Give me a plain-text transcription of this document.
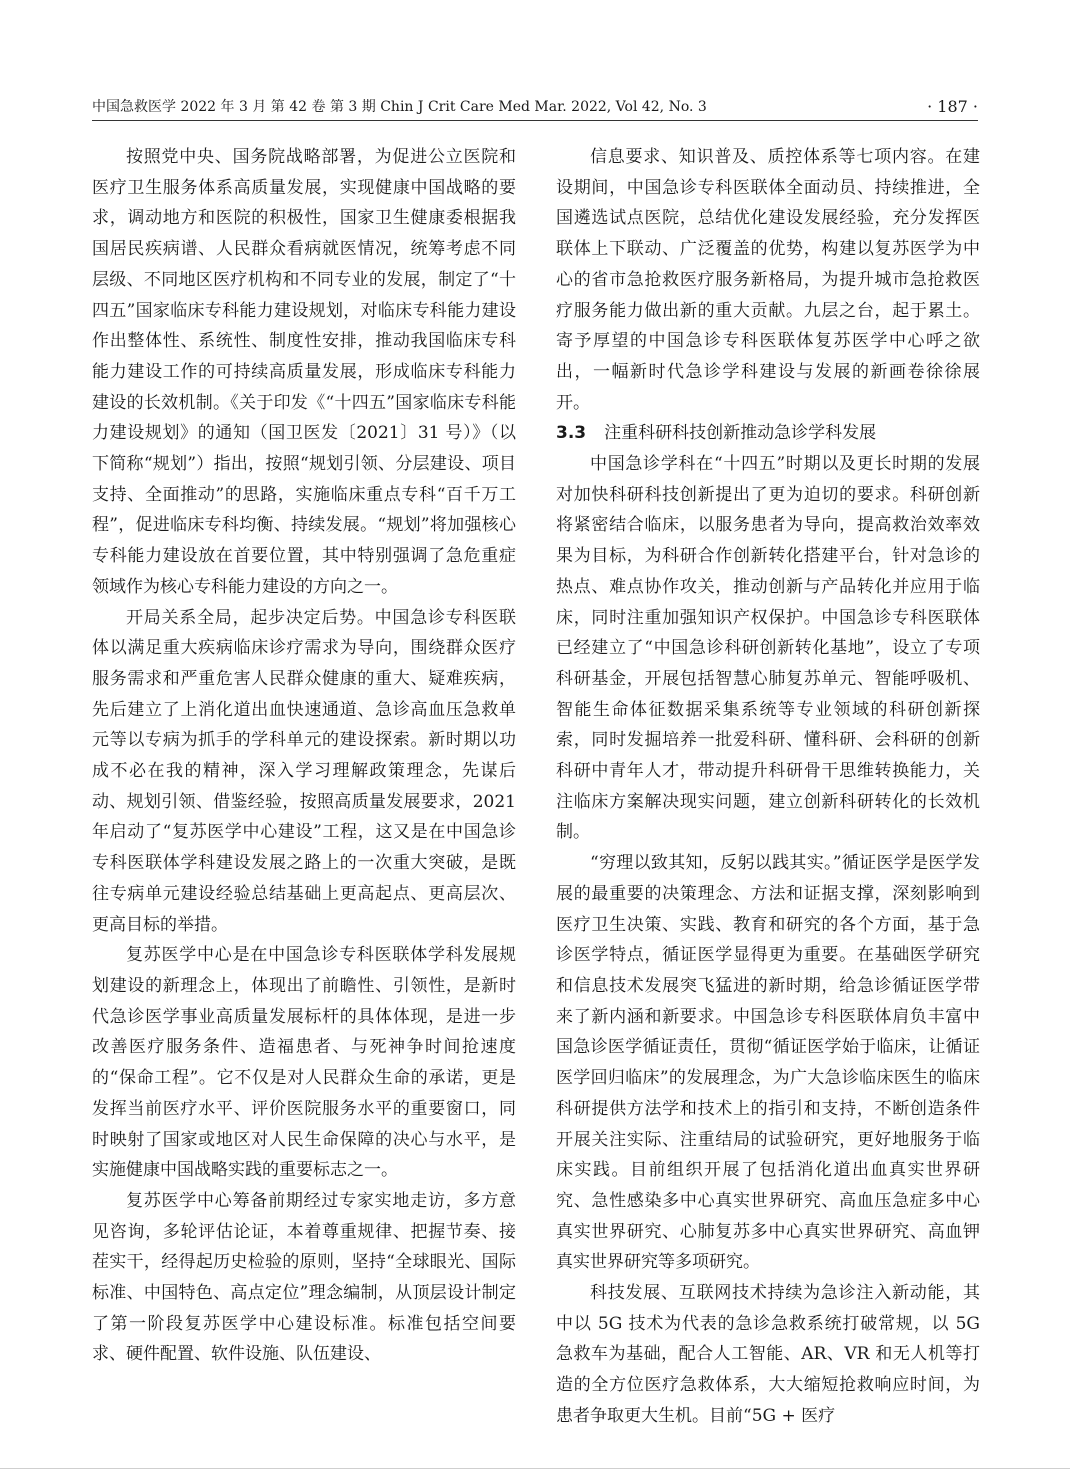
中国急救医学 2022 年 3 月 第 42 卷 第 3 期 Chin J Crit Care Med Mar. 2022, Vol 42, No. 3	· 187 ·

按照党中央、国务院战略部署，为促进公立医院和医疗卫生服务体系高质量发展，实现健康中国战略的要求，调动地方和医院的积极性，国家卫生健康委根据我国居民疾病谱、人民群众看病就医情况，统筹考虑不同层级、不同地区医疗机构和不同专业的发展，制定了“十四五”国家临床专科能力建设规划，对临床专科能力建设作出整体性、系统性、制度性安排，推动我国临床专科能力建设工作的可持续高质量发展，形成临床专科能力建设的长效机制。《关于印发《“十四五”国家临床专科能力建设规划》的通知（国卫医发〔2021〕31 号）》（以下简称“规划”）指出，按照“规划引领、分层建设、项目支持、全面推动”的思路，实施临床重点专科“百千万工程”，促进临床专科均衡、持续发展。“规划”将加强核心专科能力建设放在首要位置，其中特别强调了急危重症领域作为核心专科能力建设的方向之一。

开局关系全局，起步决定后势。中国急诊专科医联体以满足重大疾病临床诊疗需求为导向，围绕群众医疗服务需求和严重危害人民群众健康的重大、疑难疾病，先后建立了上消化道出血快速通道、急诊高血压急救单元等以专病为抓手的学科单元的建设探索。新时期以功成不必在我的精神，深入学习理解政策理念，先谋后动、规划引领、借鉴经验，按照高质量发展要求，2021 年启动了“复苏医学中心建设”工程，这又是在中国急诊专科医联体学科建设发展之路上的一次重大突破，是既往专病单元建设经验总结基础上更高起点、更高层次、更高目标的举措。

复苏医学中心是在中国急诊专科医联体学科发展规划建设的新理念上，体现出了前瞻性、引领性，是新时代急诊医学事业高质量发展标杆的具体体现，是进一步改善医疗服务条件、造福患者、与死神争时间抢速度的“保命工程”。它不仅是对人民群众生命的承诺，更是发挥当前医疗水平、评价医院服务水平的重要窗口，同时映射了国家或地区对人民生命保障的决心与水平，是实施健康中国战略实践的重要标志之一。

复苏医学中心筹备前期经过专家实地走访，多方意见咨询，多轮评估论证，本着尊重规律、把握节奏、接茬实干，经得起历史检验的原则，坚持“全球眼光、国际标准、中国特色、高点定位”理念编制，从顶层设计制定了第一阶段复苏医学中心建设标准。标准包括空间要求、硬件配置、软件设施、队伍建设、

信息要求、知识普及、质控体系等七项内容。在建设期间，中国急诊专科医联体全面动员、持续推进，全国遴选试点医院，总结优化建设发展经验，充分发挥医联体上下联动、广泛覆盖的优势，构建以复苏医学为中心的省市急抢救医疗服务新格局，为提升城市急抢救医疗服务能力做出新的重大贡献。九层之台，起于累土。寄予厚望的中国急诊专科医联体复苏医学中心呼之欲出，一幅新时代急诊学科建设与发展的新画卷徐徐展开。

3.3 注重科研科技创新推动急诊学科发展

中国急诊学科在“十四五”时期以及更长时期的发展对加快科研科技创新提出了更为迫切的要求。科研创新将紧密结合临床，以服务患者为导向，提高救治效率效果为目标，为科研合作创新转化搭建平台，针对急诊的热点、难点协作攻关，推动创新与产品转化并应用于临床，同时注重加强知识产权保护。中国急诊专科医联体已经建立了“中国急诊科研创新转化基地”，设立了专项科研基金，开展包括智慧心肺复苏单元、智能呼吸机、智能生命体征数据采集系统等专业领域的科研创新探索，同时发掘培养一批爱科研、懂科研、会科研的创新科研中青年人才，带动提升科研骨干思维转换能力，关注临床方案解决现实问题，建立创新科研转化的长效机制。

“穷理以致其知，反躬以践其实。”循证医学是医学发展的最重要的决策理念、方法和证据支撑，深刻影响到医疗卫生决策、实践、教育和研究的各个方面，基于急诊医学特点，循证医学显得更为重要。在基础医学研究和信息技术发展突飞猛进的新时期，给急诊循证医学带来了新内涵和新要求。中国急诊专科医联体肩负丰富中国急诊医学循证责任，贯彻“循证医学始于临床，让循证医学回归临床”的发展理念，为广大急诊临床医生的临床科研提供方法学和技术上的指引和支持，不断创造条件开展关注实际、注重结局的试验研究，更好地服务于临床实践。目前组织开展了包括消化道出血真实世界研究、急性感染多中心真实世界研究、高血压急症多中心真实世界研究、心肺复苏多中心真实世界研究、高血钾真实世界研究等多项研究。

科技发展、互联网技术持续为急诊注入新动能，其中以 5G 技术为代表的急诊急救系统打破常规，以 5G 急救车为基础，配合人工智能、AR、VR 和无人机等打造的全方位医疗急救体系，大大缩短抢救响应时间，为患者争取更大生机。目前“5G + 医疗
